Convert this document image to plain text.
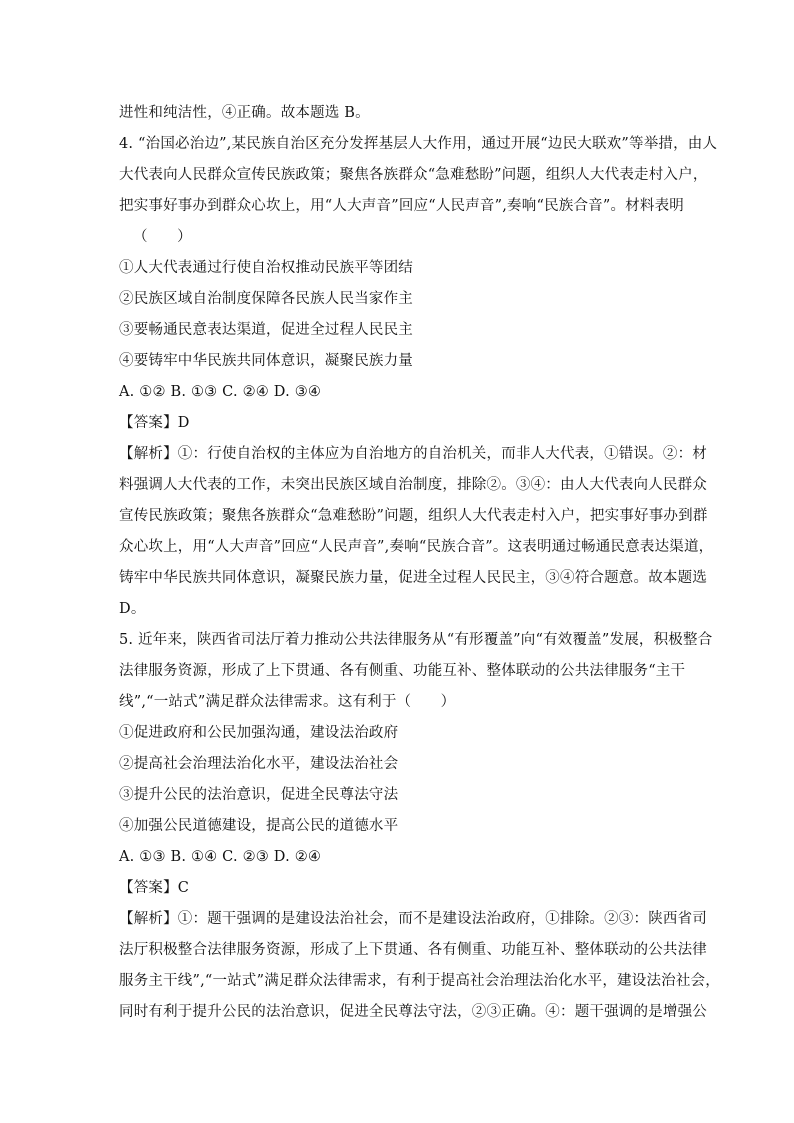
进性和纯洁性，④正确。故本题选 B。
4. “治国必治边”,某民族自治区充分发挥基层人大作用，通过开展“边民大联欢”等举措，由人
大代表向人民群众宣传民族政策；聚焦各族群众“急难愁盼”问题，组织人大代表走村入户，
把实事好事办到群众心坎上，用“人大声音”回应“人民声音”,奏响“民族合音”。材料表明
（　　）
①人大代表通过行使自治权推动民族平等团结
②民族区域自治制度保障各民族人民当家作主
③要畅通民意表达渠道，促进全过程人民民主
④要铸牢中华民族共同体意识，凝聚民族力量
A. ①② B. ①③ C. ②④ D. ③④
【答案】D
【解析】①：行使自治权的主体应为自治地方的自治机关，而非人大代表，①错误。②：材
料强调人大代表的工作，未突出民族区域自治制度，排除②。③④：由人大代表向人民群众
宣传民族政策；聚焦各族群众“急难愁盼”问题，组织人大代表走村入户，把实事好事办到群
众心坎上，用“人大声音”回应“人民声音”,奏响“民族合音”。这表明通过畅通民意表达渠道，
铸牢中华民族共同体意识，凝聚民族力量，促进全过程人民民主，③④符合题意。故本题选
D。
5. 近年来，陕西省司法厅着力推动公共法律服务从“有形覆盖”向“有效覆盖”发展，积极整合
法律服务资源，形成了上下贯通、各有侧重、功能互补、整体联动的公共法律服务“主干
线”,“一站式”满足群众法律需求。这有利于（　　）
①促进政府和公民加强沟通，建设法治政府
②提高社会治理法治化水平，建设法治社会
③提升公民的法治意识，促进全民尊法守法
④加强公民道德建设，提高公民的道德水平
A. ①③ B. ①④ C. ②③ D. ②④
【答案】C
【解析】①：题干强调的是建设法治社会，而不是建设法治政府，①排除。②③：陕西省司
法厅积极整合法律服务资源，形成了上下贯通、各有侧重、功能互补、整体联动的公共法律
服务主干线”,“一站式”满足群众法律需求，有利于提高社会治理法治化水平，建设法治社会，
同时有利于提升公民的法治意识，促进全民尊法守法，②③正确。④：题干强调的是增强公
